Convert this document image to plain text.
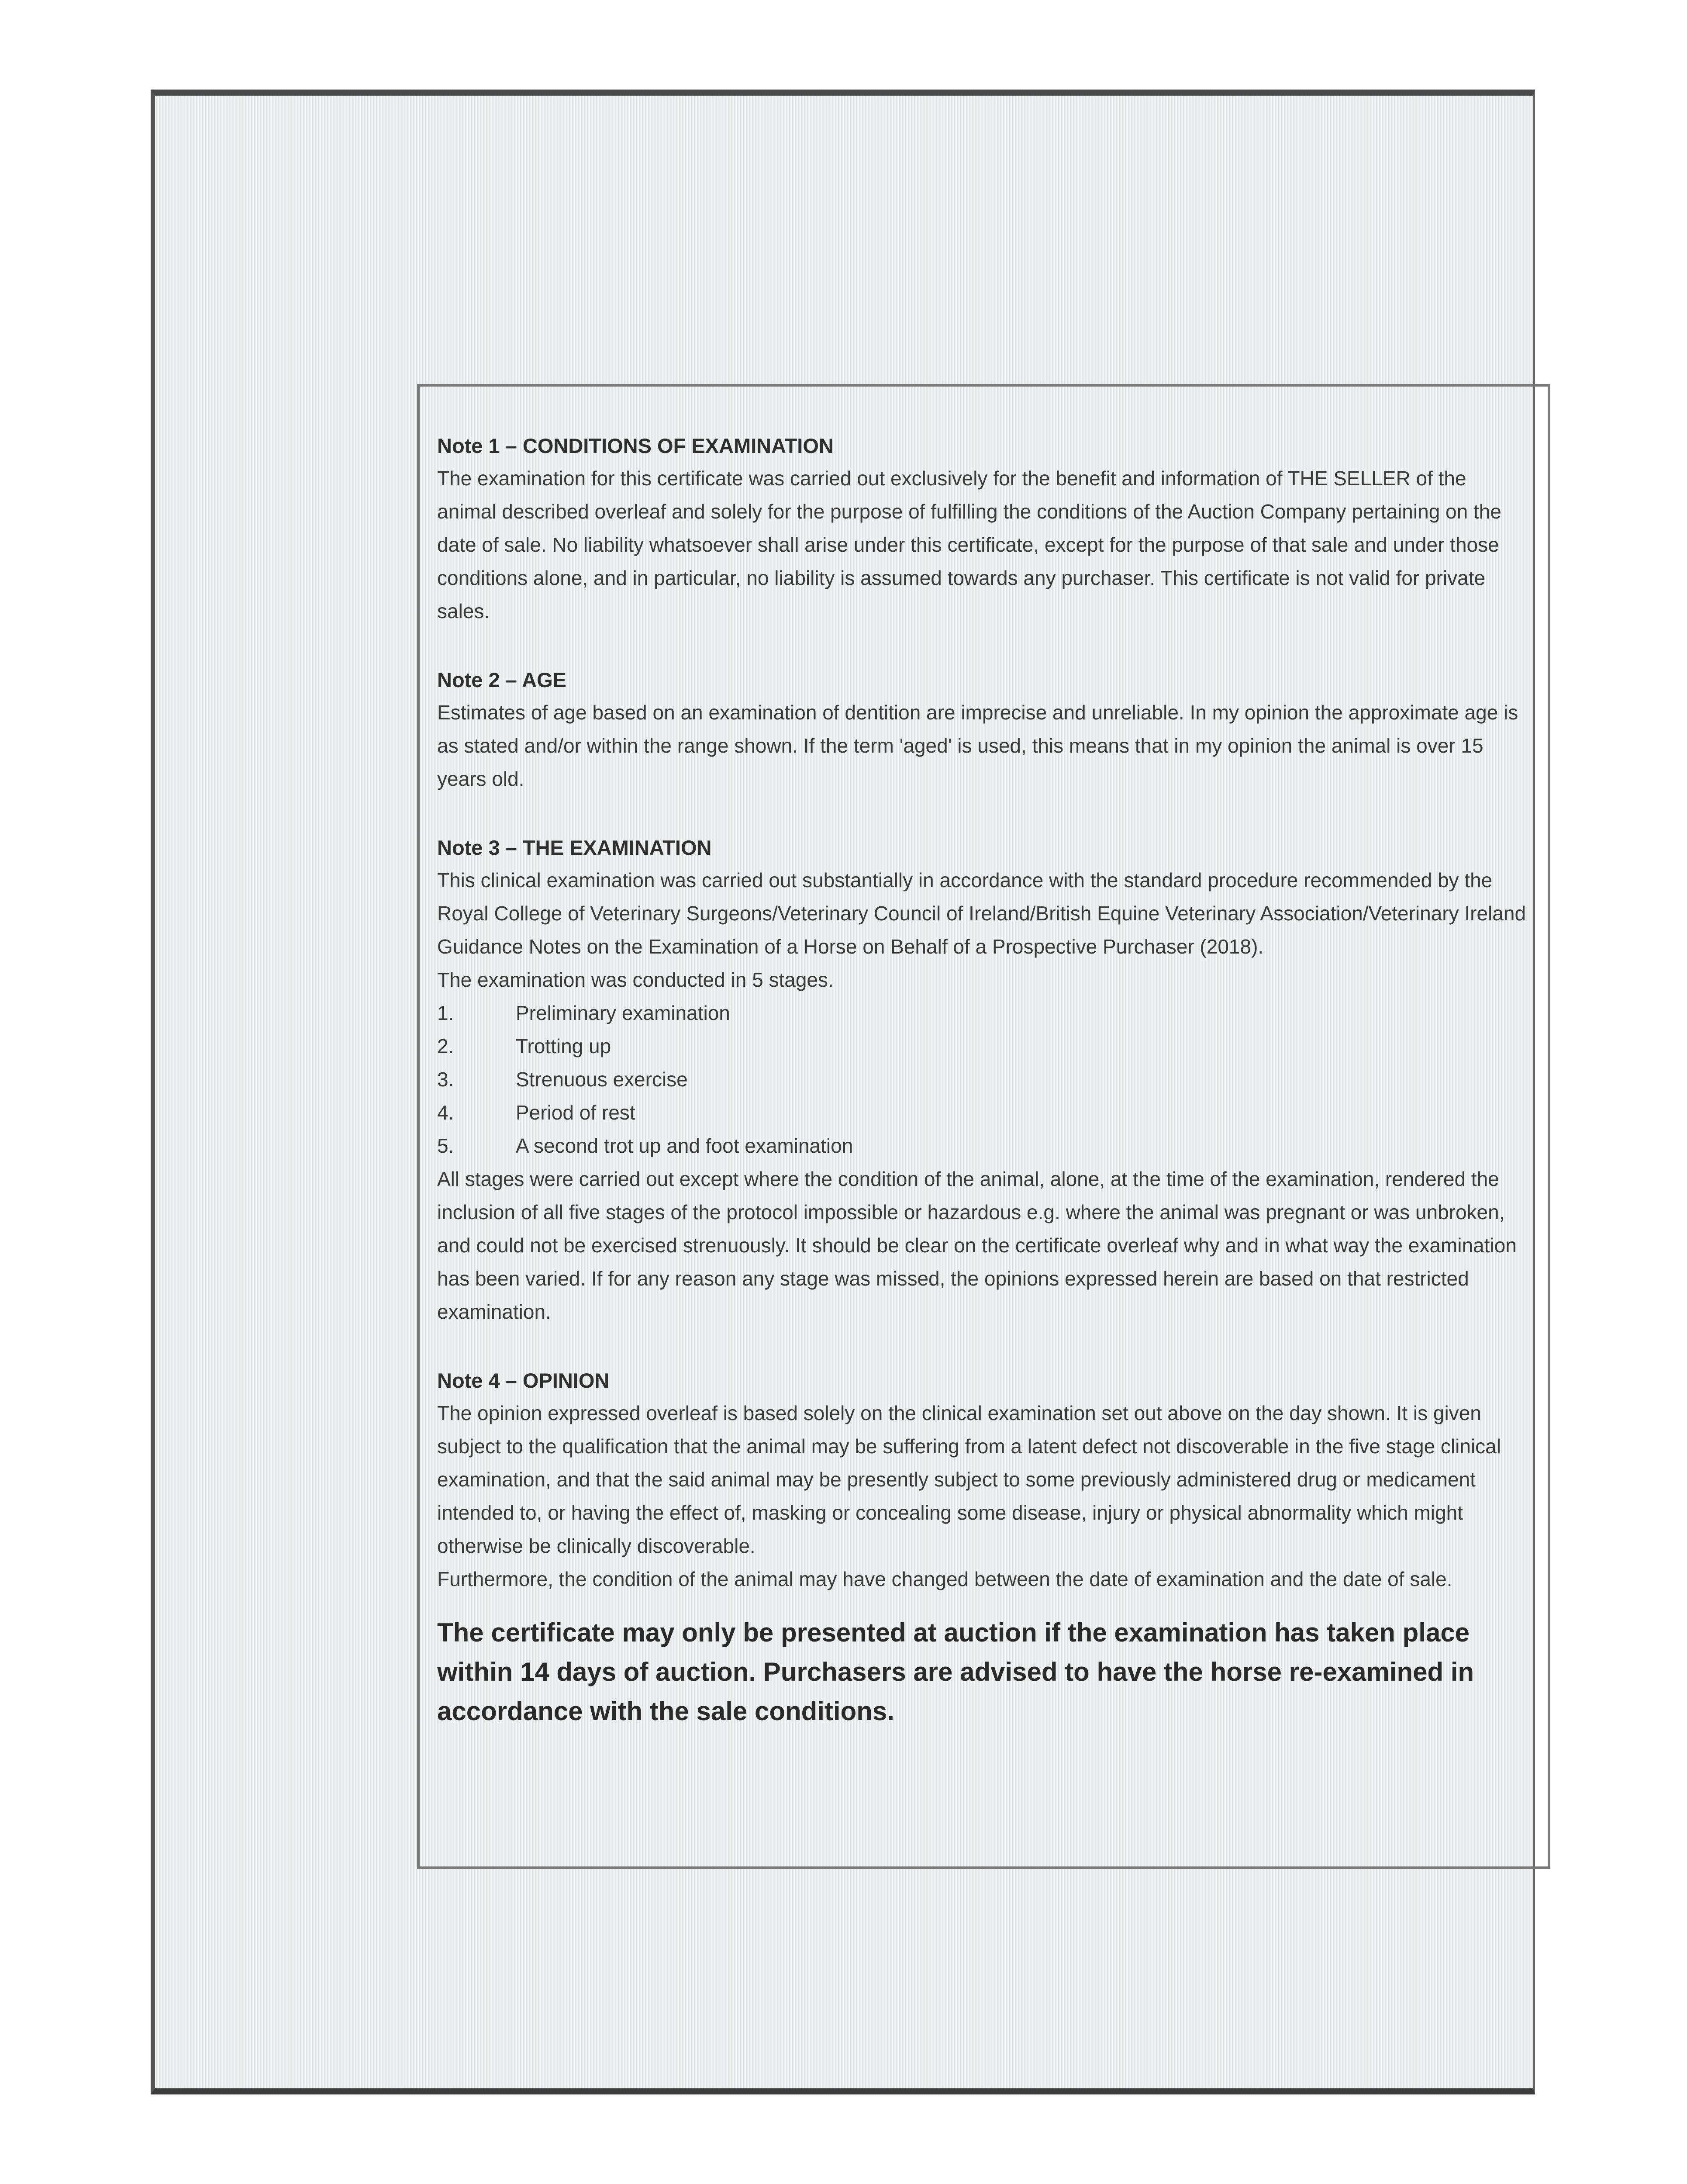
Note 1 – CONDITIONS OF EXAMINATION

The examination for this certificate was carried out exclusively for the benefit and information of THE SELLER of the animal described overleaf and solely for the purpose of fulfilling the conditions of the Auction Company pertaining on the date of sale. No liability whatsoever shall arise under this certificate, except for the purpose of that sale and under those conditions alone, and in particular, no liability is assumed towards any purchaser. This certificate is not valid for private sales.

Note 2 – AGE

Estimates of age based on an examination of dentition are imprecise and unreliable. In my opinion the approximate age is as stated and/or within the range shown. If the term 'aged' is used, this means that in my opinion the animal is over 15 years old.

Note 3 – THE EXAMINATION

This clinical examination was carried out substantially in accordance with the standard procedure recommended by the Royal College of Veterinary Surgeons/Veterinary Council of Ireland/British Equine Veterinary Association/Veterinary Ireland Guidance Notes on the Examination of a Horse on Behalf of a Prospective Purchaser (2018).

The examination was conducted in 5 stages.

1.	Preliminary examination
2.	Trotting up
3.	Strenuous exercise
4.	Period of rest
5.	A second trot up and foot examination

All stages were carried out except where the condition of the animal, alone, at the time of the examination, rendered the inclusion of all five stages of the protocol impossible or hazardous e.g. where the animal was pregnant or was unbroken, and could not be exercised strenuously. It should be clear on the certificate overleaf why and in what way the examination has been varied. If for any reason any stage was missed, the opinions expressed herein are based on that restricted examination.

Note 4 – OPINION

The opinion expressed overleaf is based solely on the clinical examination set out above on the day shown. It is given subject to the qualification that the animal may be suffering from a latent defect not discoverable in the five stage clinical examination, and that the said animal may be presently subject to some previously administered drug or medicament intended to, or having the effect of, masking or concealing some disease, injury or physical abnormality which might otherwise be clinically discoverable.

Furthermore, the condition of the animal may have changed between the date of examination and the date of sale.

The certificate may only be presented at auction if the examination has taken place within 14 days of auction. Purchasers are advised to have the horse re-examined in accordance with the sale conditions.
